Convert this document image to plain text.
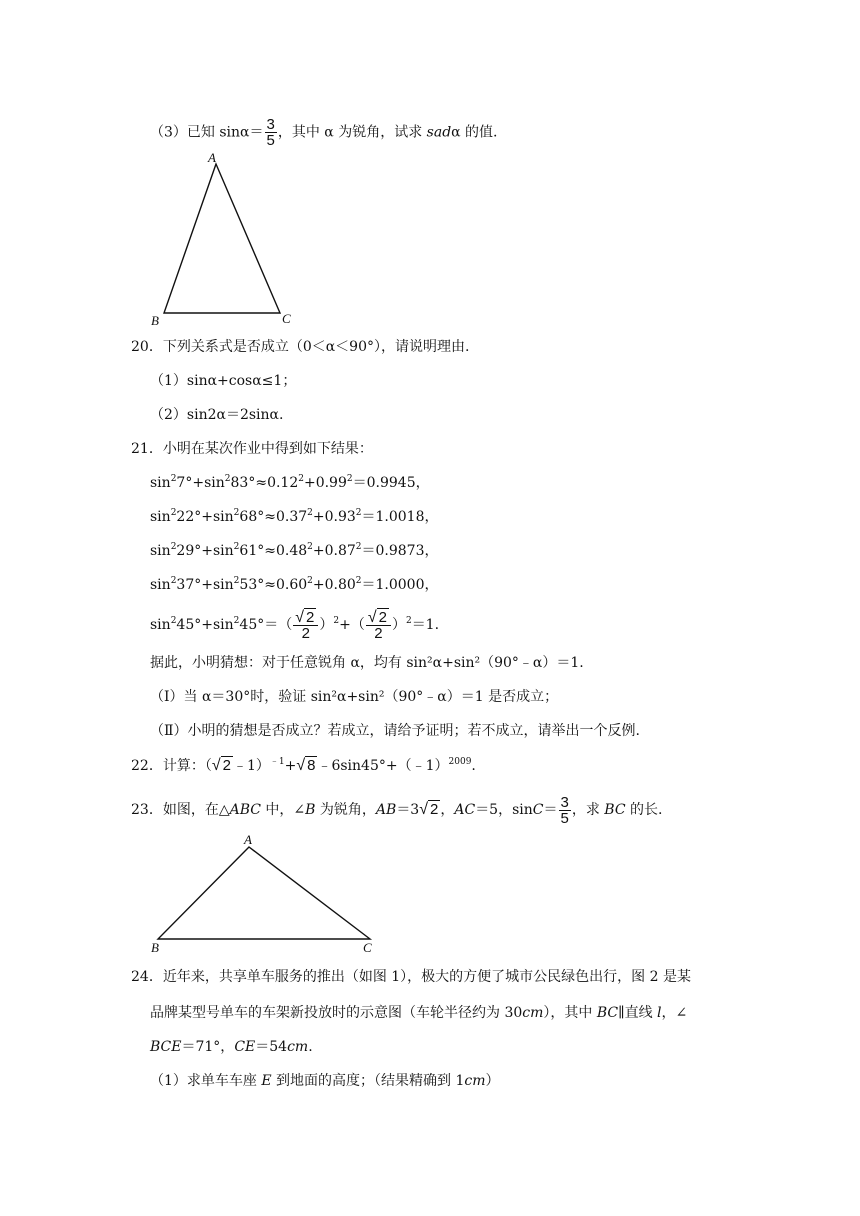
（3）已知 $\sin\alpha= \frac{3}{5}$ ，其中 α 为锐角，试求 sadα 的值.
A
B	C
20．下列关系式是否成立（0＜α＜90°），请说明理由.
（1）sinα+cosα≤1；
（2）sin2α＝2sinα.
21．小明在某次作业中得到如下结果：
$\sin^27^\circ+\sin^283^\circ\approx 0.12^2+0.99^2=0.9945$，
$\sin^222^\circ+\sin^268^\circ\approx 0.37^2+0.93^2=1.0018$，
$\sin^229^\circ+\sin^261^\circ\approx 0.48^2+0.87^2=0.9873$，
$\sin^237^\circ+\sin^253^\circ\approx 0.60^2+0.80^2=1.0000$，
$\sin^245^\circ+\sin^245^\circ=( \frac{√ 2}{2} )^2+( \frac{√ 2}{2} )^2=1$.
据此，小明猜想：对于任意锐角 α，均有 sin²α+sin²（90°﹣α）＝1.
（Ⅰ）当 α＝30°时，验证 sin²α+sin²（90°﹣α）＝1 是否成立；
（Ⅱ）小明的猜想是否成立？若成立，请给予证明；若不成立，请举出一个反例.
22．计算：（√ 2 ﹣1）$^{﹣1}$+√ 8 ﹣6sin45°+（﹣1）$^{2009}$.
23．如图，在△ABC 中，∠B 为锐角，AB＝3√ 2 ，AC＝5，$\sin C= \frac{3}{5}$ ，求 BC 的长.
A
B	C
24．近年来，共享单车服务的推出（如图 1），极大的方便了城市公民绿色出行，图 2 是某
品牌某型号单车的车架新投放时的示意图（车轮半径约为 30cm），其中 BC∥直线 l，∠
BCE＝71°，CE＝54cm.
（1）求单车车座 E 到地面的高度；（结果精确到 1cm）
